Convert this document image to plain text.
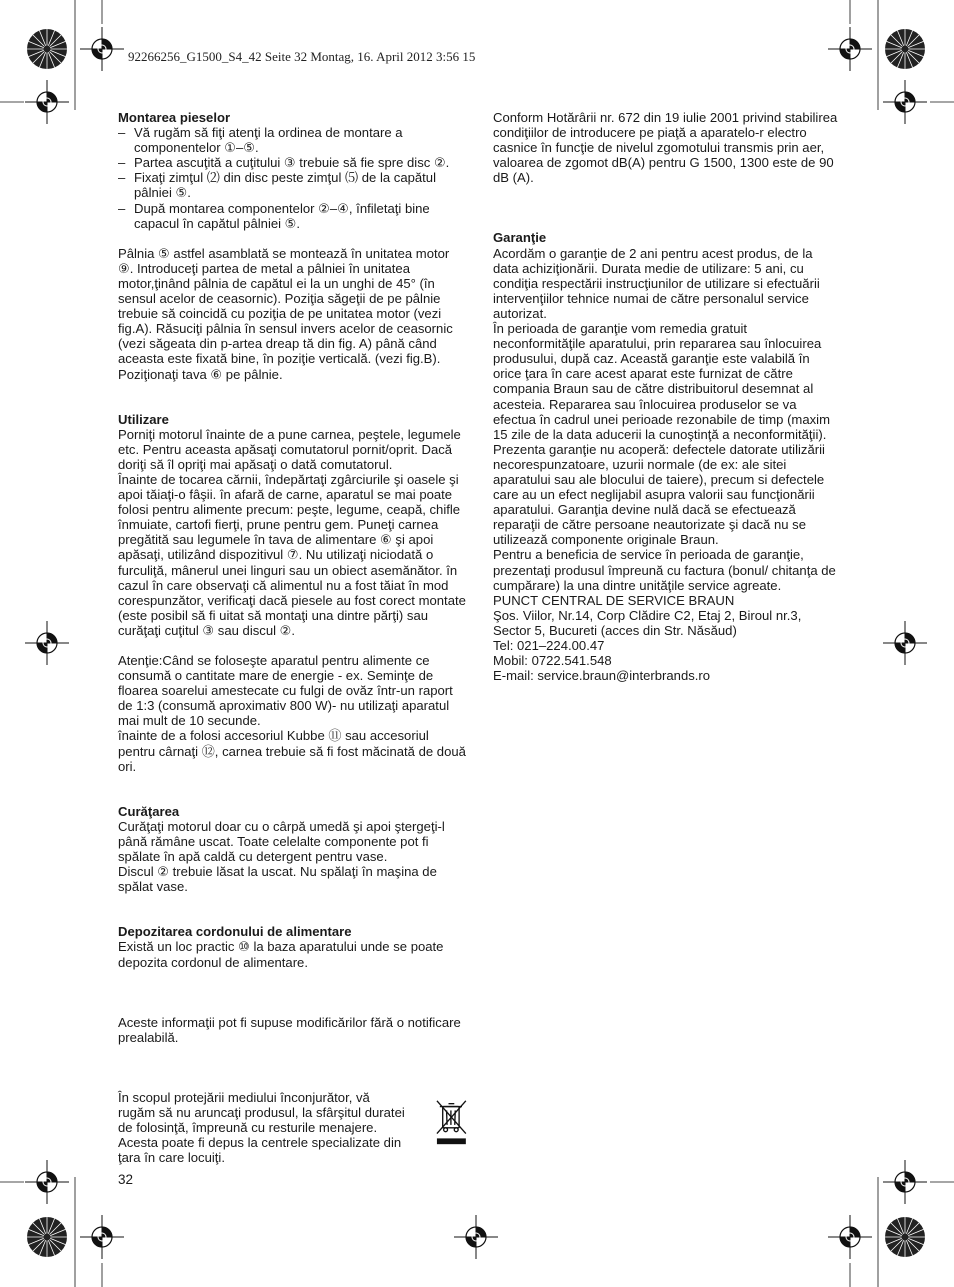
92266256_G1500_S4_42 Seite 32 Montag, 16. April 2012 3:56 15

Montarea pieselor

– Vă rugăm să fiţi atenţi la ordinea de montare a componentelor ①–⑤.

– Partea ascuţită a cuţitului ③ trebuie să fie spre disc ②.

– Fixaţi zimţul ⑵ din disc peste zimţul ⑸ de la capătul pâlniei ⑤.

– După montarea componentelor ②–④, înfiletaţi bine capacul în capătul pâlniei ⑤.

Pâlnia ⑤ astfel asamblată se montează în unitatea motor ⑨. Introduceţi partea de metal a pâlniei în unitatea motor,ţinând pâlnia de capătul ei la un unghi de 45° (în sensul acelor de ceasornic). Poziţia săgeţii de pe pâlnie trebuie să coincidă cu poziţia de pe unitatea motor (vezi fig.A). Răsuciţi pâlnia în sensul invers acelor de ceasornic (vezi săgeata din p-artea dreap tă din fig. A) până când aceasta este fixată bine, în poziţie verticală. (vezi fig.B). Poziţionaţi tava ⑥ pe pâlnie.

Utilizare

Porniţi motorul înainte de a pune carnea, peştele, legumele etc. Pentru aceasta apăsaţi comutatorul pornit/oprit. Dacă doriţi să îl opriţi mai apăsaţi o dată comutatorul.

Înainte de tocarea cărnii, îndepărtaţi zgârciurile şi oasele şi apoi tăiaţi-o fâşii. în afară de carne, aparatul se mai poate folosi pentru alimente precum: peşte, legume, ceapă, chifle înmuiate, cartofi fierţi, prune pentru gem. Puneţi carnea pregătită sau legumele în tava de alimentare ⑥ şi apoi apăsaţi, utilizând dispozitivul ⑦. Nu utilizaţi niciodată o furculiţă, mânerul unei linguri sau un obiect asemănător. în cazul în care observaţi că alimentul nu a fost tăiat în mod corespunzător, verificaţi dacă piesele au fost corect montate (este posibil să fi uitat să montaţi una dintre părţi) sau curăţaţi cuţitul ③ sau discul ②.

Atenţie:Când se foloseşte aparatul pentru alimente ce consumă o cantitate mare de energie - ex. Seminţe de floarea soarelui amestecate cu fulgi de ovăz într-un raport de 1:3 (consumă aproximativ 800 W)- nu utilizaţi aparatul mai mult de 10 secunde.

înainte de a folosi accesoriul Kubbe ⑪ sau accesoriul pentru cârnaţi ⑫, carnea trebuie să fi fost măcinată de două ori.

Curăţarea

Curăţaţi motorul doar cu o cârpă umedă şi apoi ştergeţi-l până rămâne uscat. Toate celelalte componente pot fi spălate în apă caldă cu detergent pentru vase.

Discul ② trebuie lăsat la uscat. Nu spălaţi în maşina de spălat vase.

Depozitarea cordonului de alimentare

Există un loc practic ⑩ la baza aparatului unde se poate depozita cordonul de alimentare.

Aceste informaţii pot fi supuse modificărilor fără o notificare prealabilă.

În scopul protejării mediului înconjurător, vă rugăm să nu aruncaţi produsul, la sfârşitul duratei de folosinţă, împreună cu resturile menajere. Acesta poate fi depus la centrele specializate din ţara în care locuiţi.

Conform Hotărârii nr. 672 din 19 iulie 2001 privind stabilirea condiţiilor de introducere pe piaţă a aparatelo-r electro casnice în funcţie de nivelul zgomotului transmis prin aer, valoarea de zgomot dB(A) pentru G 1500, 1300 este de 90 dB (A).

Garanţie

Acordăm o garanţie de 2 ani pentru acest produs, de la data achiziţionării. Durata medie de utilizare: 5 ani, cu condiţia respectării instrucţiunilor de utilizare si efectuării intervenţiilor tehnice numai de către personalul service autorizat.

În perioada de garanţie vom remedia gratuit neconformităţile aparatului, prin repararea sau înlocuirea produsului, după caz. Această garanţie este valabilă în orice ţara în care acest aparat este furnizat de către compania Braun sau de către distribuitorul desemnat al acesteia. Repararea sau înlocuirea produselor se va efectua în cadrul unei perioade rezonabile de timp (maxim 15 zile de la data aducerii la cunoştinţă a neconformităţii).

Prezenta garanţie nu acoperă: defectele datorate utilizării necorespunzatoare, uzurii normale (de ex: ale sitei aparatului sau ale blocului de taiere), precum si defectele care au un efect neglijabil asupra valorii sau funcţionării aparatului. Garanţia devine nulă dacă se efectuează reparaţii de către persoane neautorizate şi dacă nu se utilizează componente originale Braun.

Pentru a beneficia de service în perioada de garanţie, prezentaţi produsul împreună cu factura (bonul/ chitanţa de cumpărare) la una dintre unităţile service agreate.

PUNCT CENTRAL DE SERVICE BRAUN

Şos. Viilor, Nr.14, Corp Clădire C2, Etaj 2, Biroul nr.3,

Sector 5, Bucureti (acces din Str. Năsăud)

Tel: 021–224.00.47

Mobil: 0722.541.548

E-mail: service.braun@interbrands.ro

32
